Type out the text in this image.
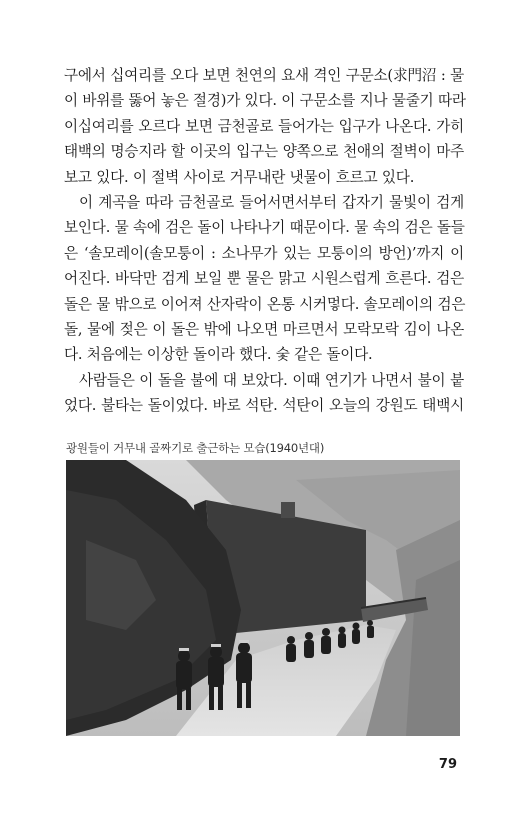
구에서 십여리를 오다 보면 천연의 요새 격인 구문소(求門沼 : 물
이 바위를 뚫어 놓은 절경)가 있다. 이 구문소를 지나 물줄기 따라
이십여리를 오르다 보면 금천골로 들어가는 입구가 나온다. 가히
태백의 명승지라 할 이곳의 입구는 양쪽으로 천애의 절벽이 마주
보고 있다. 이 절벽 사이로 거무내란 냇물이 흐르고 있다.
이 계곡을 따라 금천골로 들어서면서부터 갑자기 물빛이 검게
보인다. 물 속에 검은 돌이 나타나기 때문이다. 물 속의 검은 돌들
은 ‘솔모레이(솔모퉁이 : 소나무가 있는 모퉁이의 방언)’까지 이
어진다. 바닥만 검게 보일 뿐 물은 맑고 시원스럽게 흐른다. 검은
돌은 물 밖으로 이어져 산자락이 온통 시커멓다. 솔모레이의 검은
돌, 물에 젖은 이 돌은 밖에 나오면 마르면서 모락모락 김이 나온
다. 처음에는 이상한 돌이라 했다. 숯 같은 돌이다.
사람들은 이 돌을 불에 대 보았다. 이때 연기가 나면서 불이 붙
었다. 불타는 돌이었다. 바로 석탄. 석탄이 오늘의 강원도 태백시
광원들이 거무내 골짜기로 출근하는 모습(1940년대)
79
